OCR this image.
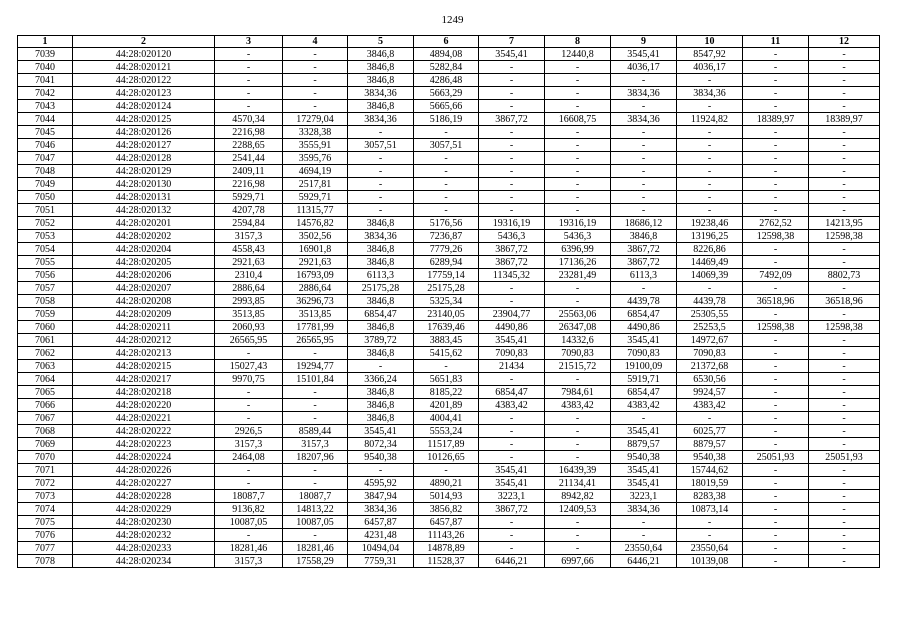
1249
1	2	3	4	5	6	7	8	9	10	11	12
7039	44:28:020120	-	-	3846,8	4894,08	3545,41	12440,8	3545,41	8547,92	-	-
7040	44:28:020121	-	-	3846,8	5282,84	-	-	4036,17	4036,17	-	-
7041	44:28:020122	-	-	3846,8	4286,48	-	-	-	-	-	-
7042	44:28:020123	-	-	3834,36	5663,29	-	-	3834,36	3834,36	-	-
7043	44:28:020124	-	-	3846,8	5665,66	-	-	-	-	-	-
7044	44:28:020125	4570,34	17279,04	3834,36	5186,19	3867,72	16608,75	3834,36	11924,82	18389,97	18389,97
7045	44:28:020126	2216,98	3328,38	-	-	-	-	-	-	-	-
7046	44:28:020127	2288,65	3555,91	3057,51	3057,51	-	-	-	-	-	-
7047	44:28:020128	2541,44	3595,76	-	-	-	-	-	-	-	-
7048	44:28:020129	2409,11	4694,19	-	-	-	-	-	-	-	-
7049	44:28:020130	2216,98	2517,81	-	-	-	-	-	-	-	-
7050	44:28:020131	5929,71	5929,71	-	-	-	-	-	-	-	-
7051	44:28:020132	4207,78	11315,77	-	-	-	-	-	-	-	-
7052	44:28:020201	2594,84	14576,82	3846,8	5176,56	19316,19	19316,19	18686,12	19238,46	2762,52	14213,95
7053	44:28:020202	3157,3	3502,56	3834,36	7236,87	5436,3	5436,3	3846,8	13196,25	12598,38	12598,38
7054	44:28:020204	4558,43	16901,8	3846,8	7779,26	3867,72	6396,99	3867,72	8226,86	-	-
7055	44:28:020205	2921,63	2921,63	3846,8	6289,94	3867,72	17136,26	3867,72	14469,49	-	-
7056	44:28:020206	2310,4	16793,09	6113,3	17759,14	11345,32	23281,49	6113,3	14069,39	7492,09	8802,73
7057	44:28:020207	2886,64	2886,64	25175,28	25175,28	-	-	-	-	-	-
7058	44:28:020208	2993,85	36296,73	3846,8	5325,34	-	-	4439,78	4439,78	36518,96	36518,96
7059	44:28:020209	3513,85	3513,85	6854,47	23140,05	23904,77	25563,06	6854,47	25305,55	-	-
7060	44:28:020211	2060,93	17781,99	3846,8	17639,46	4490,86	26347,08	4490,86	25253,5	12598,38	12598,38
7061	44:28:020212	26565,95	26565,95	3789,72	3883,45	3545,41	14332,6	3545,41	14972,67	-	-
7062	44:28:020213	-	-	3846,8	5415,62	7090,83	7090,83	7090,83	7090,83	-	-
7063	44:28:020215	15027,43	19294,77	-	-	21434	21515,72	19100,09	21372,68	-	-
7064	44:28:020217	9970,75	15101,84	3366,24	5651,83	-	-	5919,71	6530,56	-	-
7065	44:28:020218	-	-	3846,8	8185,22	6854,47	7984,61	6854,47	9924,57	-	-
7066	44:28:020220	-	-	3846,8	4201,89	4383,42	4383,42	4383,42	4383,42	-	-
7067	44:28:020221	-	-	3846,8	4004,41	-	-	-	-	-	-
7068	44:28:020222	2926,5	8589,44	3545,41	5553,24	-	-	3545,41	6025,77	-	-
7069	44:28:020223	3157,3	3157,3	8072,34	11517,89	-	-	8879,57	8879,57	-	-
7070	44:28:020224	2464,08	18207,96	9540,38	10126,65	-	-	9540,38	9540,38	25051,93	25051,93
7071	44:28:020226	-	-	-	-	3545,41	16439,39	3545,41	15744,62	-	-
7072	44:28:020227	-	-	4595,92	4890,21	3545,41	21134,41	3545,41	18019,59	-	-
7073	44:28:020228	18087,7	18087,7	3847,94	5014,93	3223,1	8942,82	3223,1	8283,38	-	-
7074	44:28:020229	9136,82	14813,22	3834,36	3856,82	3867,72	12409,53	3834,36	10873,14	-	-
7075	44:28:020230	10087,05	10087,05	6457,87	6457,87	-	-	-	-	-	-
7076	44:28:020232	-	-	4231,48	11143,26	-	-	-	-	-	-
7077	44:28:020233	18281,46	18281,46	10494,04	14878,89	-	-	23550,64	23550,64	-	-
7078	44:28:020234	3157,3	17558,29	7759,31	11528,37	6446,21	6997,66	6446,21	10139,08	-	-
